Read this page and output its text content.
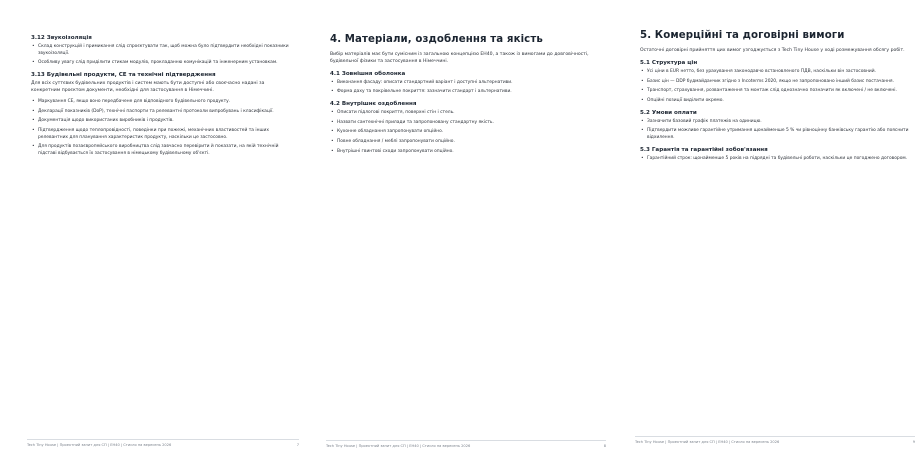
3.12 Звукоізоляція
• Склад конструкцій і примикання слід спроєктувати так, щоб можна було підтвердити необхідні показники звукоізоляції.
• Особливу увагу слід приділити стикам модулів, прокладанню комунікацій та інженерним установкам.
3.13 Будівельні продукти, CE та технічні підтвердження

Для всіх суттєвих будівельних продуктів і систем мають бути доступні або своєчасно надані за конкретним проєктом документи, необхідні для застосування в Німеччині.

• Маркування CE, якщо воно передбачене для відповідного будівельного продукту.
• Декларації показників (DoP), технічні паспорти та релевантні протоколи випробувань і класифікації.
• Документація щодо використаних виробників і продуктів.
• Підтвердження щодо теплопровідності, поведінки при пожежі, механічних властивостей та інших релевантних для планування характеристик продукту, наскільки це застосовно.
• Для продуктів позаєвропейського виробництва слід завчасно перевірити й показати, на якій технічній підставі відбувається їх застосування в німецькому будівельному об'єкті.
Tech Tiny House | Проектний запит для СП | EH40 | Стисло на вересень 2026	7
4. Матеріали, оздоблення та якість

Вибір матеріалів має бути сумісним із загальною концепцією EH40, а також із вимогами до довговічності, будівельної фізики та застосування в Німеччині.

4.1 Зовнішня оболонка
• Виконання фасаду: описати стандартний варіант і доступні альтернативи.
• Форма даху та покрівельне покриття: зазначити стандарт і альтернативи.
4.2 Внутрішнє оздоблення
• Описати підлогові покриття, поверхні стін і стель.
• Назвати сантехнічні прилади та запропоновану стандартну якість.
• Кухонне обладнання запропонувати опційно.
• Повне обладнання / меблі запропонувати опційно.
• Внутрішні гвинтові сходи запропонувати опційно.
Tech Tiny House | Проектний запит для СП | EH40 | Стисло на вересень 2026	8
5. Комерційні та договірні вимоги

Остаточні договірні прийняття цих вимог узгоджується з Tech Tiny House у ході розмежування обсягу робіт.

5.1 Структура цін
• Усі ціни в EUR нетто, без урахування законодавчо встановленого ПДВ, наскільки він застосовний.
• Базис цін — DDP будмайданчик згідно з Incoterms 2020, якщо не запропоновано інший базис постачання.
• Транспорт, страхування, розвантаження та монтаж слід однозначно позначити як включені / не включені.
• Опційні позиції виділити окремо.
5.2 Умови оплати
• Зазначити базовий графік платежів на одиницю.
• Підтвердити можливе гарантійне утримання щонайменше 5 % чи рівноцінну банківську гарантію або пояснити відхилення.
5.3 Гарантія та гарантійні зобов'язання
• Гарантійний строк: щонайменше 5 років на підрядні та будівельні роботи, наскільки це погоджено договором.
Tech Tiny House | Проектний запит для СП | EH40 | Стисло на вересень 2026	9
